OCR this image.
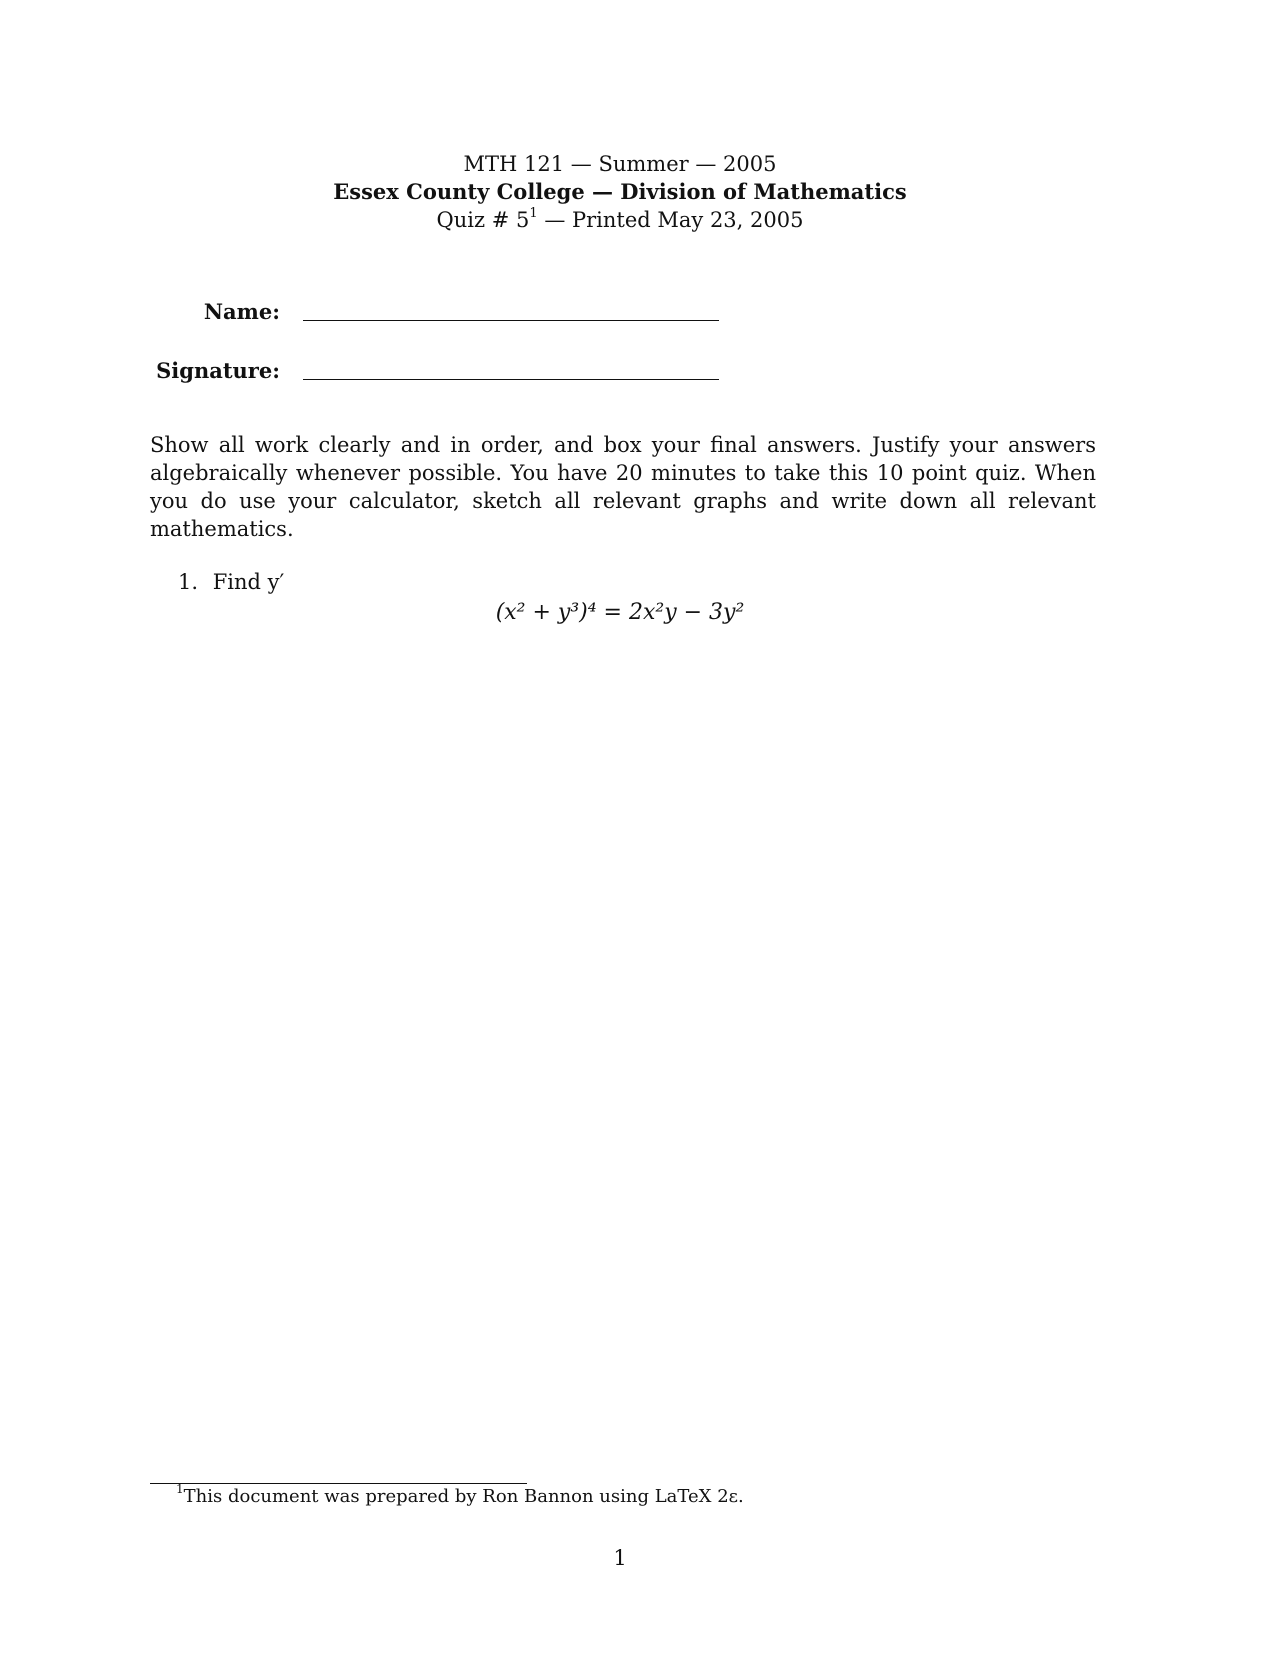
MTH 121 — Summer — 2005
Essex County College — Division of Mathematics
Quiz # $5^1$ — Printed May 23, 2005
Name:
Signature:
Show all work clearly and in order, and box your final answers. Justify your answers algebraically whenever possible. You have 20 minutes to take this 10 point quiz. When you do use your calculator, sketch all relevant graphs and write down all relevant mathematics.
1. Find y′
(x² + y³)⁴ = 2x²y − 3y²
$^1$This document was prepared by Ron Bannon using LaTeX 2ε.
1
